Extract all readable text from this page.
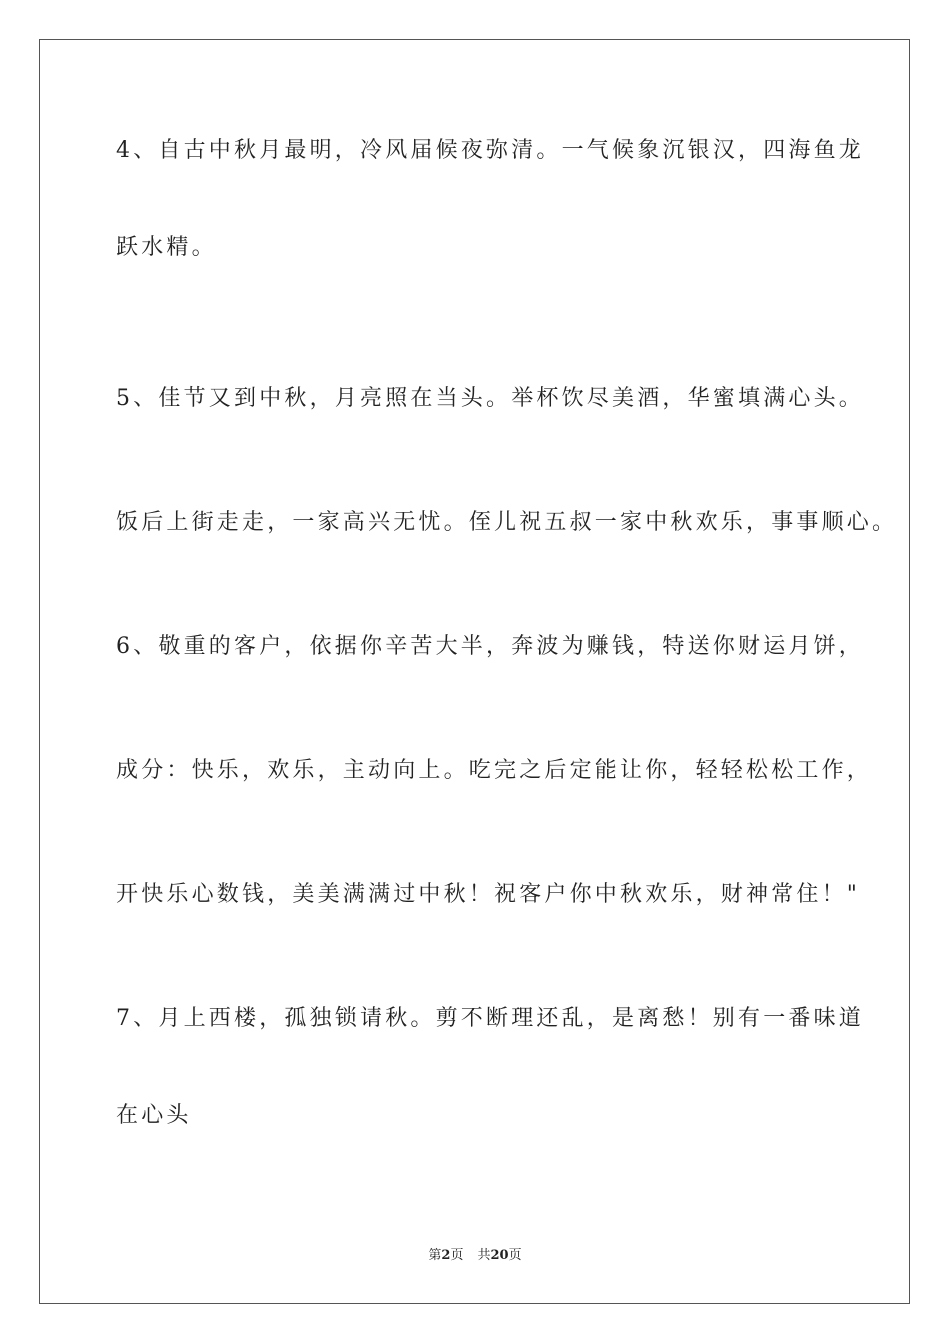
4、自古中秋月最明，冷风届候夜弥清。一气候象沉银汉，四海鱼龙
跃水精。
5、佳节又到中秋，月亮照在当头。举杯饮尽美酒，华蜜填满心头。
饭后上街走走，一家高兴无忧。侄儿祝五叔一家中秋欢乐，事事顺心。
6、敬重的客户，依据你辛苦大半，奔波为赚钱，特送你财运月饼，
成分：快乐，欢乐，主动向上。吃完之后定能让你，轻轻松松工作，
开快乐心数钱，美美满满过中秋！祝客户你中秋欢乐，财神常住！"
7、月上西楼，孤独锁请秋。剪不断理还乱，是离愁！别有一番味道
在心头
第2页 共20页
